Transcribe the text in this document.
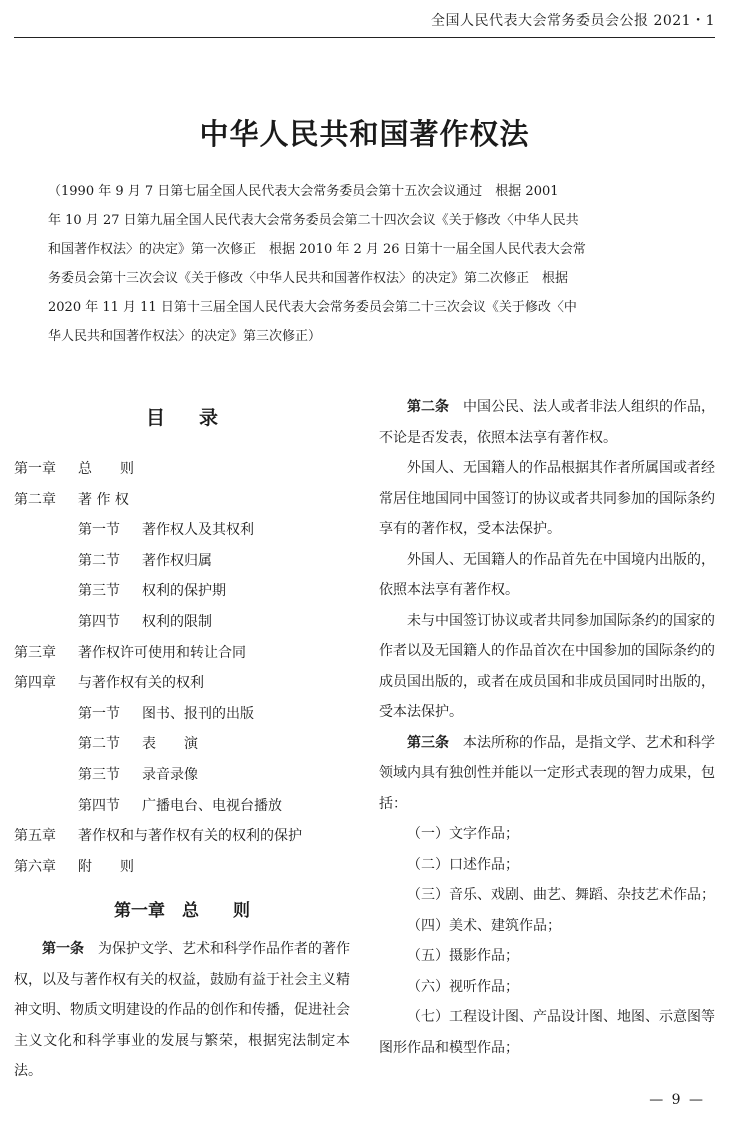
全国人民代表大会常务委员会公报 2021・1
中华人民共和国著作权法
（1990 年 9 月 7 日第七届全国人民代表大会常务委员会第十五次会议通过　根据 2001
年 10 月 27 日第九届全国人民代表大会常务委员会第二十四次会议《关于修改〈中华人民共
和国著作权法〉的决定》第一次修正　根据 2010 年 2 月 26 日第十一届全国人民代表大会常
务委员会第十三次会议《关于修改〈中华人民共和国著作权法〉的决定》第二次修正　根据
2020 年 11 月 11 日第十三届全国人民代表大会常务委员会第二十三次会议《关于修改〈中
华人民共和国著作权法〉的决定》第三次修正）
目录
第一章 总　　则
第二章 著 作 权
第一节 著作权人及其权利
第二节 著作权归属
第三节 权利的保护期
第四节 权利的限制
第三章 著作权许可使用和转让合同
第四章 与著作权有关的权利
第一节 图书、报刊的出版
第二节 表　　演
第三节 录音录像
第四节 广播电台、电视台播放
第五章 著作权和与著作权有关的权利的保护
第六章 附　　则
第一章　总　　则

第一条　 为保护文学、艺术和科学作品作者的著作权，以及与著作权有关的权益，鼓励有益于社会主义精神文明、物质文明建设的作品的创作和传播，促进社会主义文化和科学事业的发展与繁荣，根据宪法制定本法。

第二条　 中国公民、法人或者非法人组织的作品，不论是否发表，依照本法享有著作权。

外国人、无国籍人的作品根据其作者所属国或者经常居住地国同中国签订的协议或者共同参加的国际条约享有的著作权，受本法保护。

外国人、无国籍人的作品首先在中国境内出版的，依照本法享有著作权。

未与中国签订协议或者共同参加国际条约的国家的作者以及无国籍人的作品首次在中国参加的国际条约的成员国出版的，或者在成员国和非成员国同时出版的，受本法保护。

第三条　 本法所称的作品，是指文学、艺术和科学领域内具有独创性并能以一定形式表现的智力成果，包括：

（一）文字作品；

（二）口述作品；

（三）音乐、戏剧、曲艺、舞蹈、杂技艺术作品；

（四）美术、建筑作品；

（五）摄影作品；

（六）视听作品；

（七）工程设计图、产品设计图、地图、示意图等图形作品和模型作品；

— 9 —
